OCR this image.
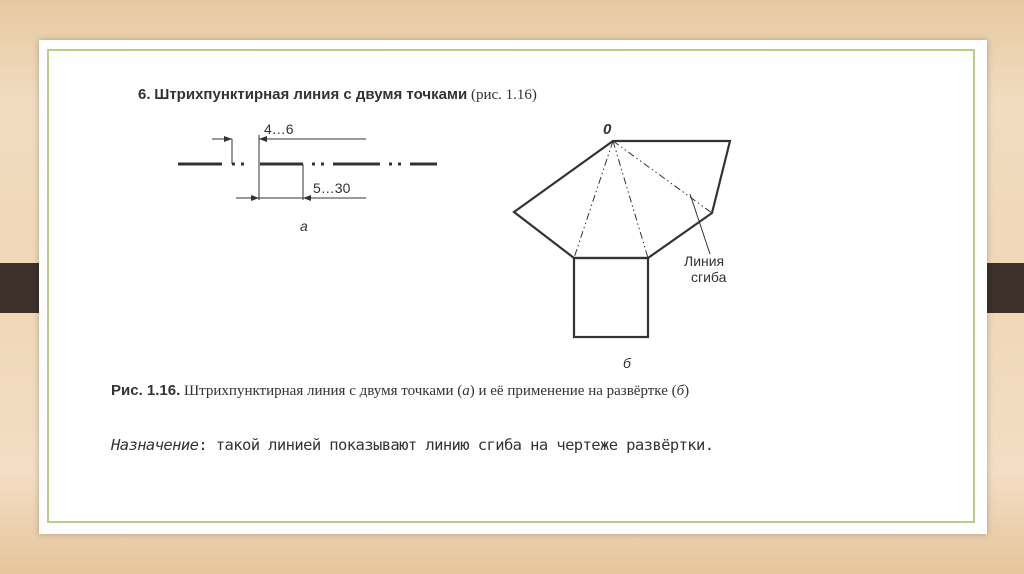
6. Штрихпунктирная линия с двумя точками (рис. 1.16)
4…6
5…30
а
0
Линия
сгиба
б
Рис. 1.16. Штрихпунктирная линия с двумя точками (а) и её применение на развёртке (б)
Назначение: такой линией показывают линию сгиба на чертеже развёртки.
